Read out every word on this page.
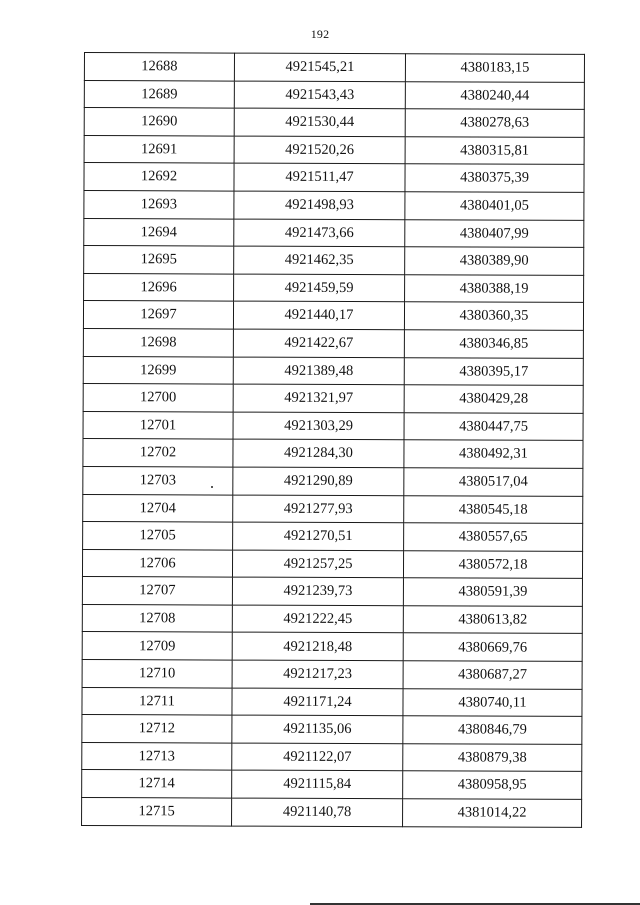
192
12688	4921545,21	4380183,15
12689	4921543,43	4380240,44
12690	4921530,44	4380278,63
12691	4921520,26	4380315,81
12692	4921511,47	4380375,39
12693	4921498,93	4380401,05
12694	4921473,66	4380407,99
12695	4921462,35	4380389,90
12696	4921459,59	4380388,19
12697	4921440,17	4380360,35
12698	4921422,67	4380346,85
12699	4921389,48	4380395,17
12700	4921321,97	4380429,28
12701	4921303,29	4380447,75
12702	4921284,30	4380492,31
12703	4921290,89	4380517,04
12704	4921277,93	4380545,18
12705	4921270,51	4380557,65
12706	4921257,25	4380572,18
12707	4921239,73	4380591,39
12708	4921222,45	4380613,82
12709	4921218,48	4380669,76
12710	4921217,23	4380687,27
12711	4921171,24	4380740,11
12712	4921135,06	4380846,79
12713	4921122,07	4380879,38
12714	4921115,84	4380958,95
12715	4921140,78	4381014,22
